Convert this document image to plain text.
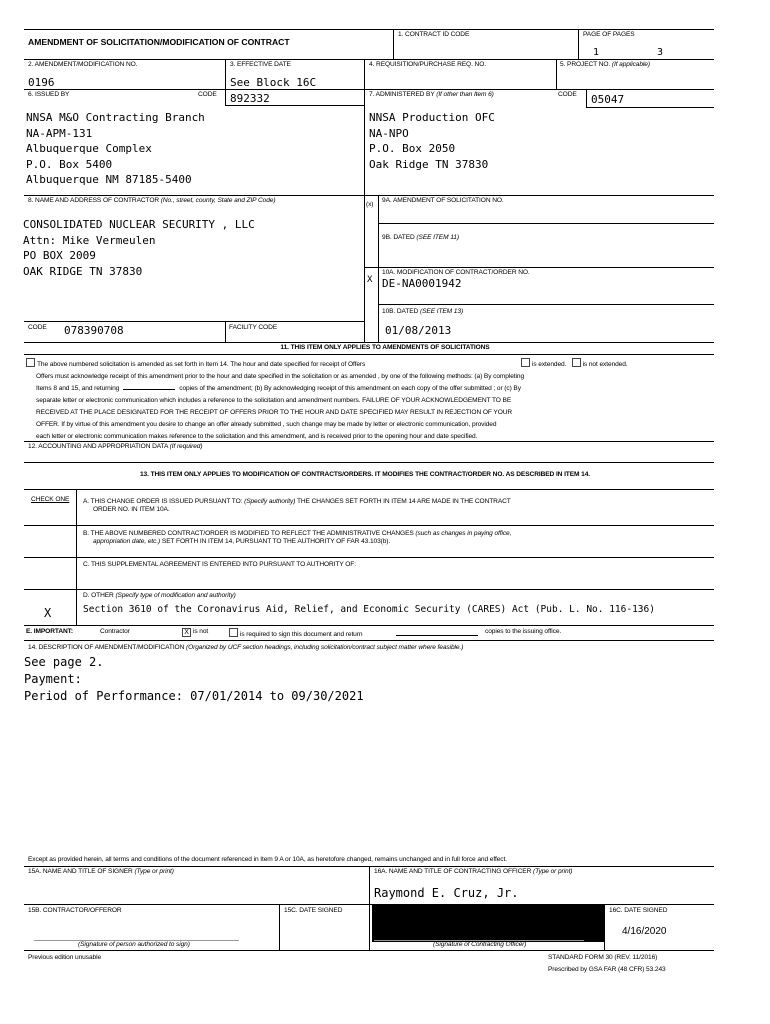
AMENDMENT OF SOLICITATION/MODIFICATION OF CONTRACT
1. CONTRACT ID CODE	PAGE OF PAGES
1	3
2. AMENDMENT/MODIFICATION NO.
0196
3. EFFECTIVE DATE
See Block 16C
4. REQUISITION/PURCHASE REQ. NO.	5. PROJECT NO. (If applicable)
6. ISSUED BY	CODE 892332	7. ADMINISTERED BY (If other than Item 6)	CODE 05047
NNSA M&O Contracting Branch
NA-APM-131
Albuquerque Complex
P.O. Box 5400
Albuquerque NM 87185-5400
NNSA Production OFC
NA-NPO
P.O. Box 2050
Oak Ridge TN 37830
8. NAME AND ADDRESS OF CONTRACTOR (No., street, county, State and ZIP Code)
CONSOLIDATED NUCLEAR SECURITY , LLC
Attn: Mike Vermeulen
PO BOX 2009
OAK RIDGE TN 37830
(x)
9A. AMENDMENT OF SOLICITATION NO.
9B. DATED (SEE ITEM 11)
X
10A. MODIFICATION OF CONTRACT/ORDER NO.
DE-NA0001942
10B. DATED (SEE ITEM 13)
01/08/2013
CODE 078390708	FACILITY CODE
11. THIS ITEM ONLY APPLIES TO AMENDMENTS OF SOLICITATIONS
The above numbered solicitation is amended as set forth in Item 14. The hour and date specified for receipt of Offers	is extended. is not extended.
Offers must acknowledge receipt of this amendment prior to the hour and date specified in the solicitation or as amended , by one of the following methods: (a) By completing
Items 8 and 15, and returning	copies of the amendment; (b) By acknowledging receipt of this amendment on each copy of the offer submitted ; or (c) By
separate letter or electronic communication which includes a reference to the solicitation and amendment numbers. FAILURE OF YOUR ACKNOWLEDGEMENT TO BE
RECEIVED AT THE PLACE DESIGNATED FOR THE RECEIPT OF OFFERS PRIOR TO THE HOUR AND DATE SPECIFIED MAY RESULT IN REJECTION OF YOUR
OFFER. If by virtue of this amendment you desire to change an offer already submitted , such change may be made by letter or electronic communication, provided
each letter or electronic communication makes reference to the solicitation and this amendment, and is received prior to the opening hour and date specified.
12. ACCOUNTING AND APPROPRIATION DATA (If required)
13. THIS ITEM ONLY APPLIES TO MODIFICATION OF CONTRACTS/ORDERS. IT MODIFIES THE CONTRACT/ORDER NO. AS DESCRIBED IN ITEM 14.
CHECK ONE A. THIS CHANGE ORDER IS ISSUED PURSUANT TO: (Specify authority) THE CHANGES SET FORTH IN ITEM 14 ARE MADE IN THE CONTRACT
ORDER NO. IN ITEM 10A.
B. THE ABOVE NUMBERED CONTRACT/ORDER IS MODIFIED TO REFLECT THE ADMINISTRATIVE CHANGES (such as changes in paying office,
appropriation date, etc.) SET FORTH IN ITEM 14, PURSUANT TO THE AUTHORITY OF FAR 43.103(b).
C. THIS SUPPLEMENTAL AGREEMENT IS ENTERED INTO PURSUANT TO AUTHORITY OF:
D. OTHER (Specify type of modification and authority)
X	Section 3610 of the Coronavirus Aid, Relief, and Economic Security (CARES) Act (Pub. L. No. 116-136)
E. IMPORTANT:	Contractor	X is not	is required to sign this document and return	copies to the issuing office.
14. DESCRIPTION OF AMENDMENT/MODIFICATION (Organized by UCF section headings, including solicitation/contract subject matter where feasible.)
See page 2.
Payment:
Period of Performance: 07/01/2014 to 09/30/2021
Except as provided herein, all terms and conditions of the document referenced in Item 9 A or 10A, as heretofore changed, remains unchanged and in full force and effect.
15A. NAME AND TITLE OF SIGNER (Type or print)	16A. NAME AND TITLE OF CONTRACTING OFFICER (Type or print)
Raymond E. Cruz, Jr.
15B. CONTRACTOR/OFFEROR	15C. DATE SIGNED
16B. UNITED STATES OF AMERICA
16C. DATE SIGNED
4/16/2020
(Signature of person authorized to sign)	(Signature of Contracting Officer)
Previous edition unusable	STANDARD FORM 30 (REV. 11/2016)
Prescribed by GSA FAR (48 CFR) 53.243
